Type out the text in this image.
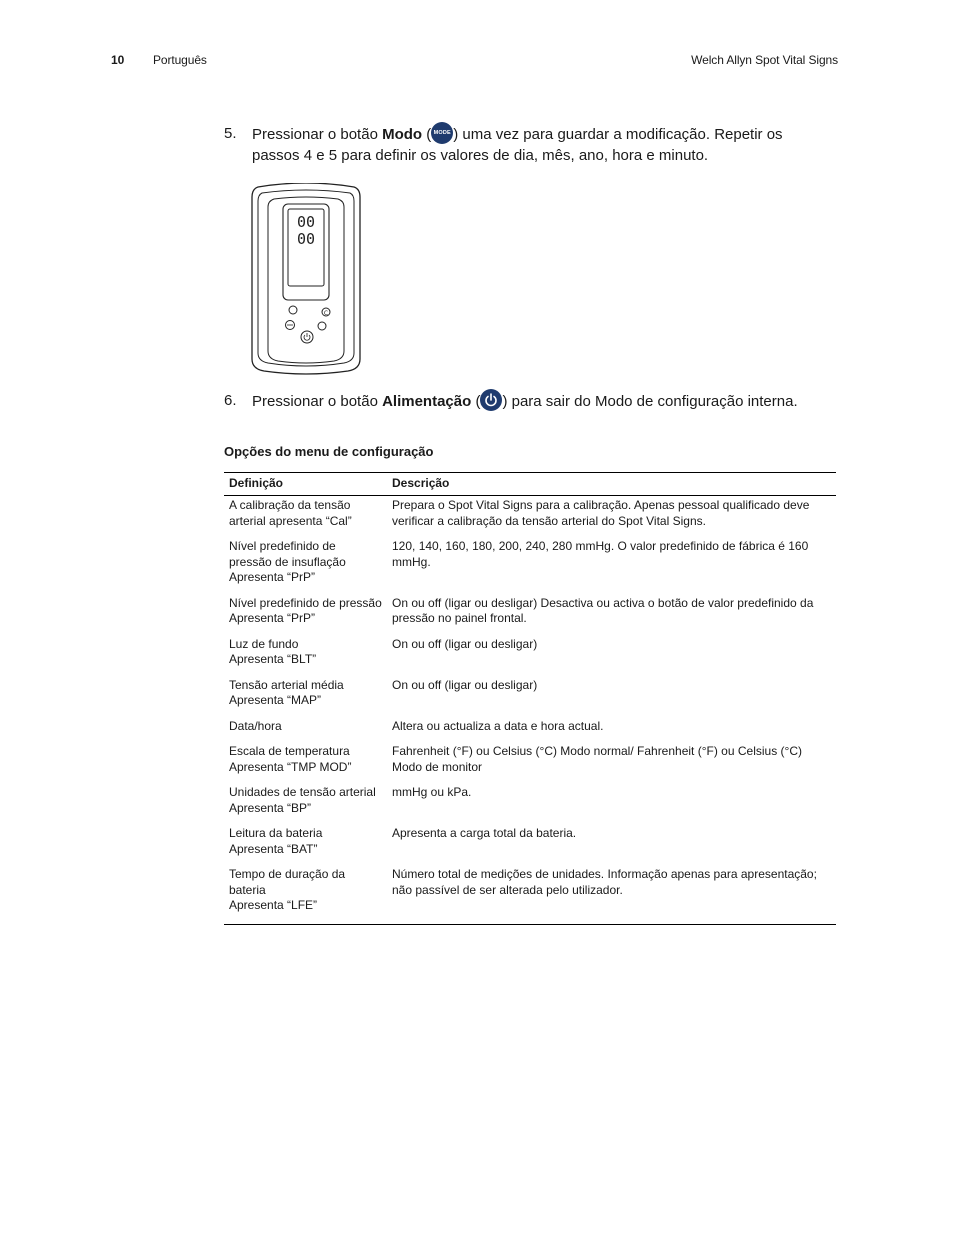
10 Português	Welch Allyn Spot Vital Signs
5. Pressionar o botão Modo ( MODE ) uma vez para guardar a modificação. Repetir os passos 4 e 5 para definir os valores de dia, mês, ano, hora e minuto.
00
00
C
6. Pressionar o botão Alimentação ( ) para sair do Modo de configuração interna.
Opções do menu de configuração
Definição	Descrição

A calibração da tensão
arterial apresenta “Cal”	Prepara o Spot Vital Signs para a calibração. Apenas pessoal qualificado deve verificar a calibração da tensão arterial do Spot Vital Signs.

Nível predefinido de
pressão de insuflação
Apresenta “PrP”	120, 140, 160, 180, 200, 240, 280 mmHg. O valor predefinido de fábrica é 160 mmHg.

Nível predefinido de pressão
Apresenta “PrP”	On ou off (ligar ou desligar) Desactiva ou activa o botão de valor predefinido da pressão no painel frontal.

Luz de fundo
Apresenta “BLT”	On ou off (ligar ou desligar)

Tensão arterial média
Apresenta “MAP”	On ou off (ligar ou desligar)

Data/hora	Altera ou actualiza a data e hora actual.

Escala de temperatura
Apresenta “TMP MOD”	Fahrenheit (°F) ou Celsius (°C) Modo normal/ Fahrenheit (°F) ou Celsius (°C) Modo de monitor

Unidades de tensão arterial
Apresenta “BP”	mmHg ou kPa.

Leitura da bateria
Apresenta “BAT”	Apresenta a carga total da bateria.

Tempo de duração da bateria
Apresenta “LFE”	Número total de medições de unidades. Informação apenas para apresentação; não passível de ser alterada pelo utilizador.
